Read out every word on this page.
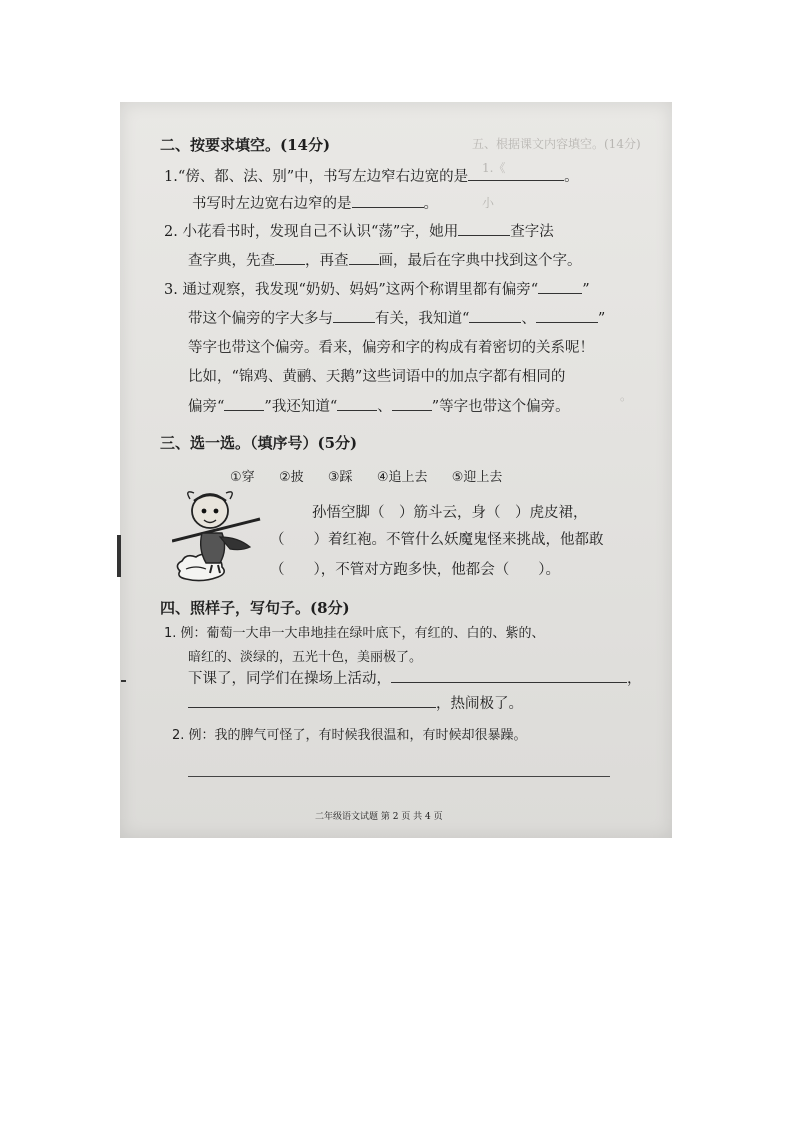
五、根据课文内容填空。(14分)
1.《
小
。
二、按要求填空。(14分)
1.“傍、都、法、别”中，书写左边窄右边宽的是	。
书写时左边宽右边窄的是	。
2. 小花看书时，发现自己不认识“荡”字，她用	查字法
查字典，先查 ，再查 画，最后在字典中找到这个字。
3. 通过观察，我发现“奶奶、妈妈”这两个称谓里都有偏旁“	”
带这个偏旁的字大多与	有关，我知道“	、	”
等字也带这个偏旁。看来，偏旁和字的构成有着密切的关系呢！
比如，“锦鸡、黄鹂、天鹅”这些词语中的加点字都有相同的
偏旁“	”我还知道“	、	”等字也带这个偏旁。
三、选一选。（填序号）(5分)
①穿 ②披 ③踩 ④追上去 ⑤迎上去
孙悟空脚（　）筋斗云，身（　）虎皮裙，
（　　）着红袍。不管什么妖魔鬼怪来挑战，他都敢
（　　），不管对方跑多快，他都会（　　）。
四、照样子，写句子。(8分)
1. 例：葡萄一大串一大串地挂在绿叶底下，有红的、白的、紫的、
暗红的、淡绿的，五光十色，美丽极了。
下课了，同学们在操场上活动，	，
，热闹极了。
2. 例：我的脾气可怪了，有时候我很温和，有时候却很暴躁。
二年级语文试题 第 2 页 共 4 页
